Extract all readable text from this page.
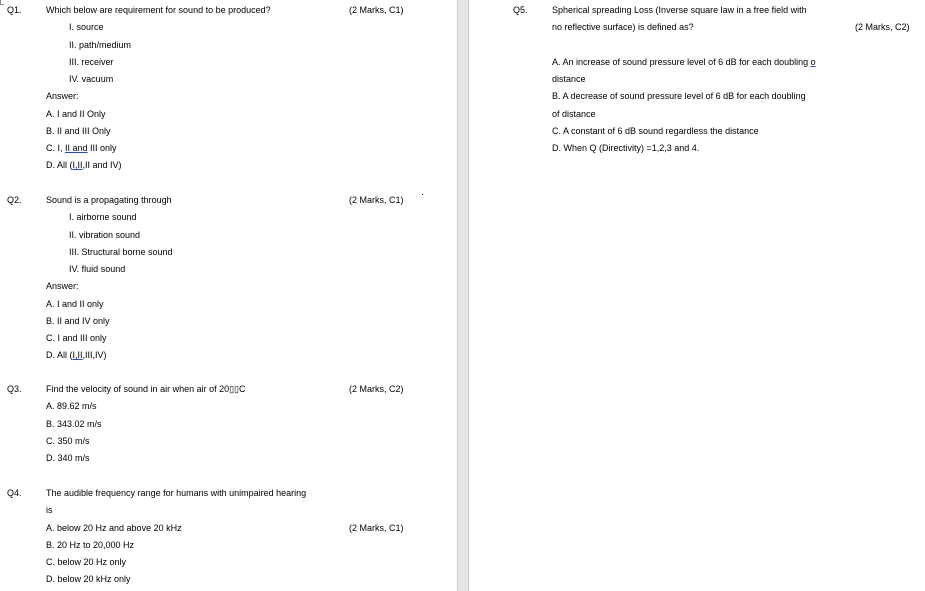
Q1.	Which below are requirement for sound to be produced?	(2 Marks, C1)
I. source
II. path/medium
III. receiver
IV. vacuum
Answer:
A. I and II Only
B. II and III Only
C. I, II and III only
D. All (I,II,II and IV)
Q2.	Sound is a propagating through	(2 Marks, C1)
I. airborne sound
II. vibration sound
III. Structural borne sound
IV. fluid sound
Answer:
A. I and II only
B. II and IV only
C. I and III only
D. All (I,II,III,IV)
Q3.	Find the velocity of sound in air when air of 20▯▯C	(2 Marks, C2)
A. 89.62 m/s
B. 343.02 m/s
C. 350 m/s
D. 340 m/s
Q4.	The audible frequency range for humans with unimpaired hearing
is
(2 Marks, C1)
A. below 20 Hz and above 20 kHz
B. 20 Hz to 20,000 Hz
C. below 20 Hz only
D. below 20 kHz only
Q5.	Spherical spreading Loss (Inverse square law in a free field with
no reflective surface) is defined as?	(2 Marks, C2)
A. An increase of sound pressure level of 6 dB for each doubling o
distance
B. A decrease of sound pressure level of 6 dB for each doubling
of distance
C. A constant of 6 dB sound regardless the distance
D. When Q (Directivity) =1,2,3 and 4.
